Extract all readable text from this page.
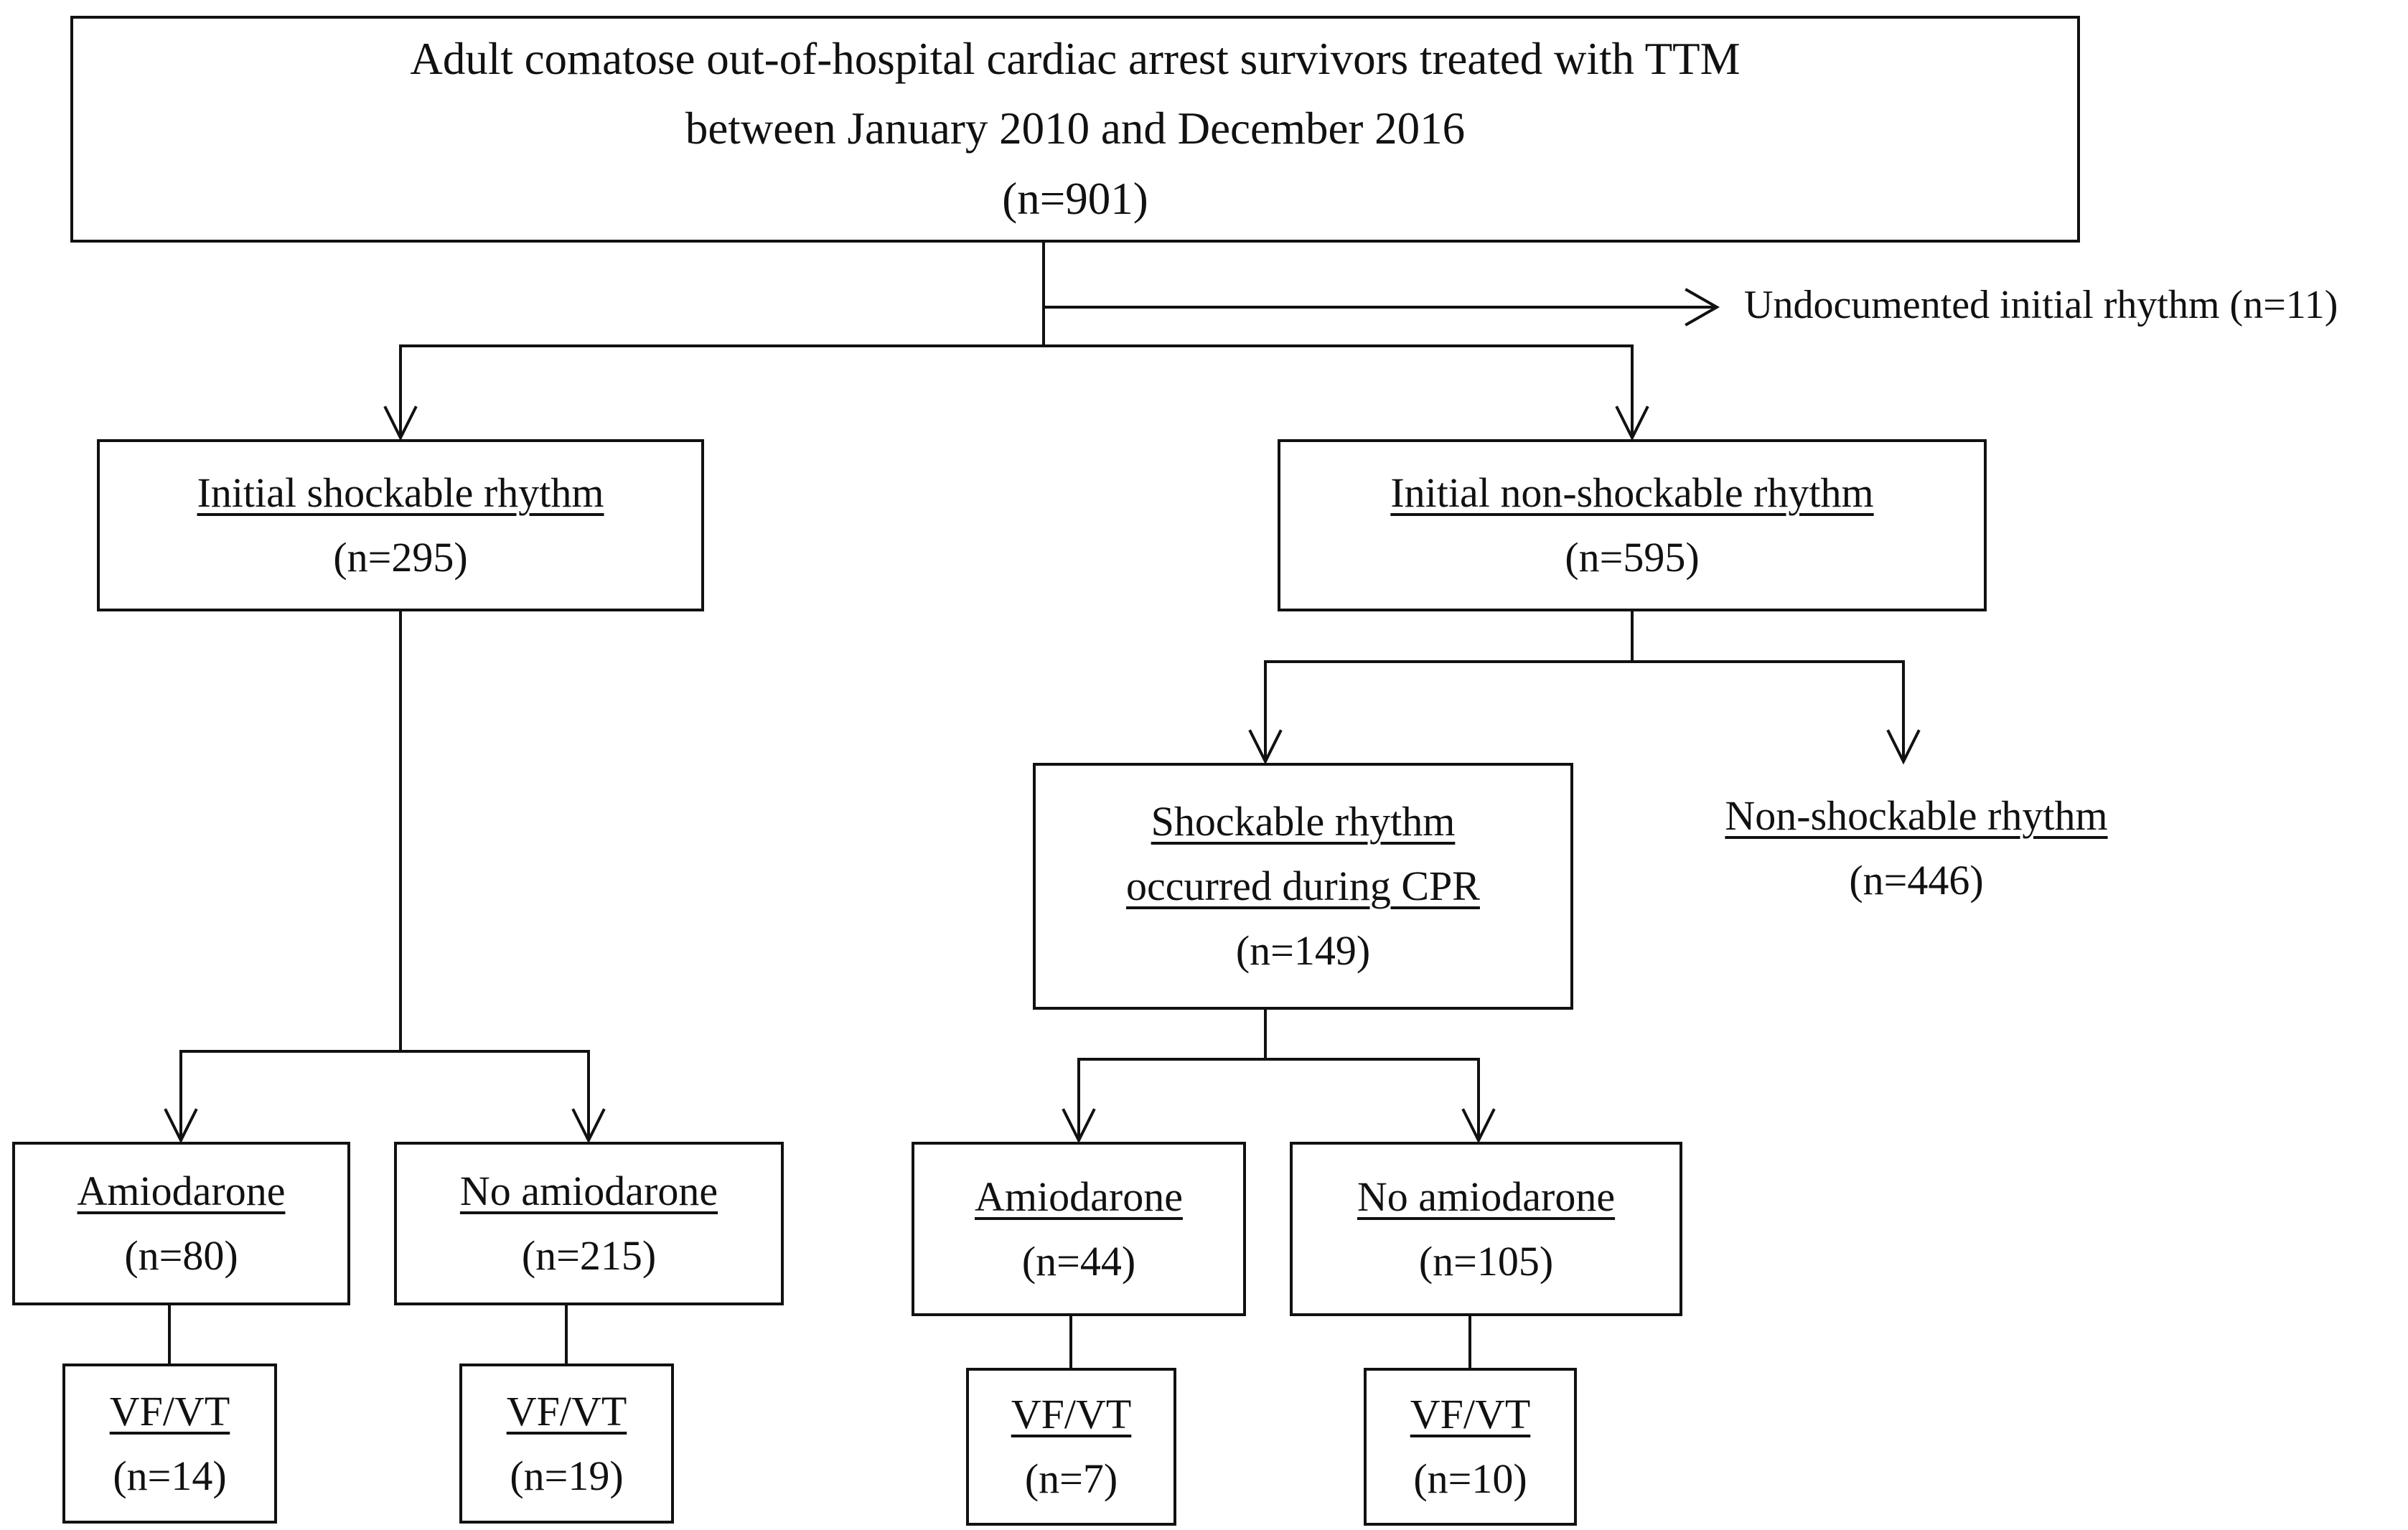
Adult comatose out-of-hospital cardiac arrest survivors treated with TTM
between January 2010 and December 2016
(n=901)
Undocumented initial rhythm (n=11)
Initial shockable rhythm
(n=295)
Initial non-shockable rhythm
(n=595)
Shockable rhythm
occurred during CPR
(n=149)
Non-shockable rhythm
(n=446)
Amiodarone
(n=80)
No amiodarone
(n=215)
Amiodarone
(n=44)
No amiodarone
(n=105)
VF/VT
(n=14)
VF/VT
(n=19)
VF/VT
(n=7)
VF/VT
(n=10)
